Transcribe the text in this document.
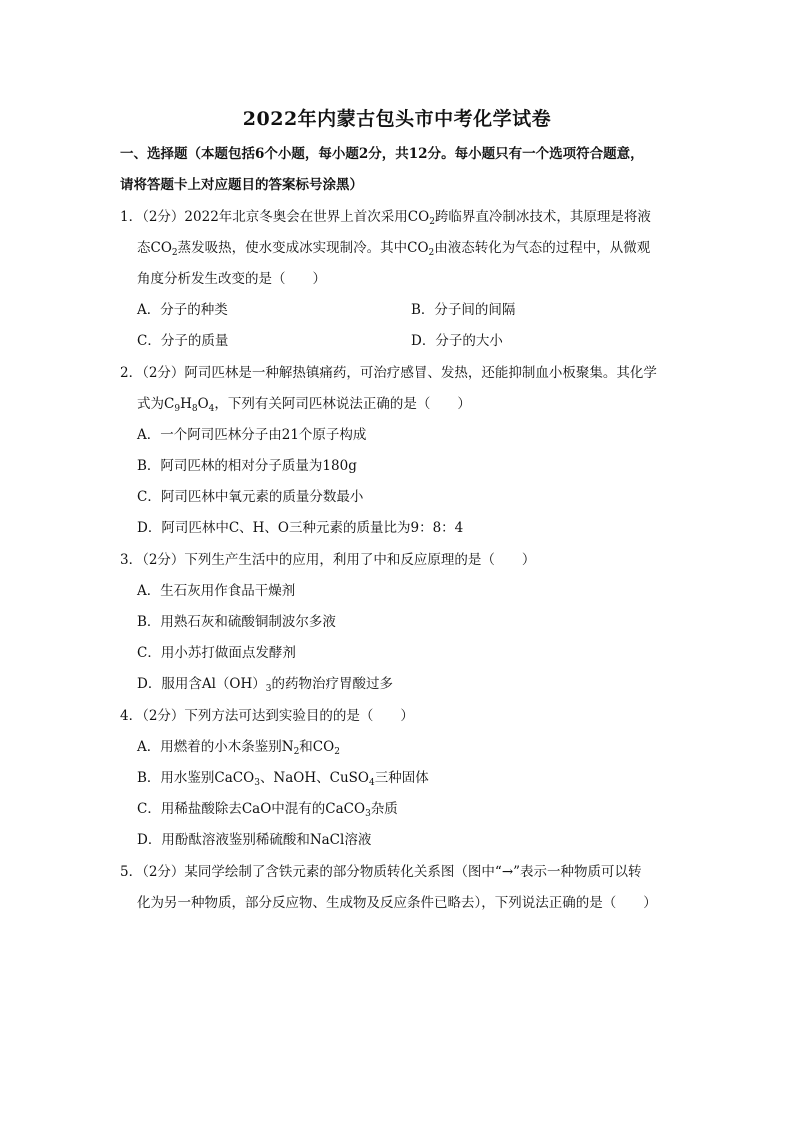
2022年内蒙古包头市中考化学试卷
一、选择题（本题包括6个小题，每小题2分，共12分。每小题只有一个选项符合题意，
请将答题卡上对应题目的答案标号涂黑）
1．（2分）2022年北京冬奥会在世界上首次采用$CO_2$跨临界直冷制冰技术，其原理是将液
态$CO_2$蒸发吸热，使水变成冰实现制冷。其中$CO_2$由液态转化为气态的过程中，从微观
角度分析发生改变的是（　　）
A．分子的种类	B．分子间的间隔
C．分子的质量	D．分子的大小
2．（2分）阿司匹林是一种解热镇痛药，可治疗感冒、发热，还能抑制血小板聚集。其化学
式为$C_9H_8O_4$，下列有关阿司匹林说法正确的是（　　）
A．一个阿司匹林分子由21个原子构成
B．阿司匹林的相对分子质量为180g
C．阿司匹林中氧元素的质量分数最小
D．阿司匹林中C、H、O三种元素的质量比为9：8：4
3．（2分）下列生产生活中的应用，利用了中和反应原理的是（　　）
A．生石灰用作食品干燥剂
B．用熟石灰和硫酸铜制波尔多液
C．用小苏打做面点发酵剂
D．服用含$Al(OH)_3$的药物治疗胃酸过多
4．（2分）下列方法可达到实验目的的是（　　）
A．用燃着的小木条鉴别$N_2$和$CO_2$
B．用水鉴别CaCO$_3$、NaOH、CuSO$_4$三种固体
C．用稀盐酸除去CaO中混有的CaCO$_3$杂质
D．用酚酞溶液鉴别稀硫酸和NaCl溶液
5．（2分）某同学绘制了含铁元素的部分物质转化关系图（图中“→”表示一种物质可以转
化为另一种物质，部分反应物、生成物及反应条件已略去），下列说法正确的是（　　）
